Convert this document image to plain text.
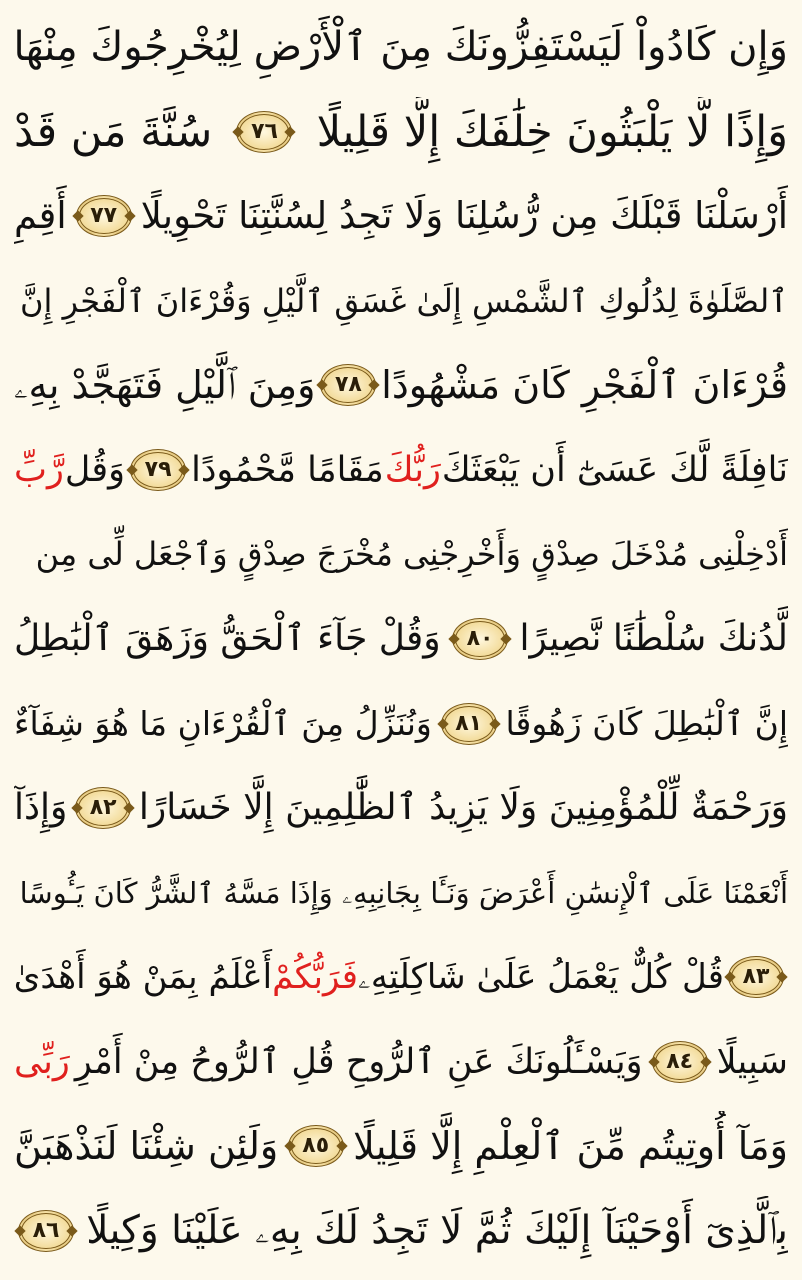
وَإِن كَادُواْ لَيَسْتَفِزُّونَكَ مِنَ ٱلْأَرْضِ لِيُخْرِجُوكَ مِنْهَا
وَإِذًا لَّا يَلْبَثُونَ خِلَٰفَكَ إِلَّا قَلِيلًا
٧٦
سُنَّةَ مَن قَدْ
أَرْسَلْنَا قَبْلَكَ مِن رُّسُلِنَا وَلَا تَجِدُ لِسُنَّتِنَا تَحْوِيلًا
٧٧
أَقِمِ
ٱلصَّلَوٰةَ لِدُلُوكِ ٱلشَّمْسِ إِلَىٰ غَسَقِ ٱلَّيْلِ وَقُرْءَانَ ٱلْفَجْرِ إِنَّ
قُرْءَانَ ٱلْفَجْرِ كَانَ مَشْهُودًا
٧٨
وَمِنَ ٱلَّيْلِ فَتَهَجَّدْ بِهِۦ
نَافِلَةً لَّكَ عَسَىٰٓ أَن يَبْعَثَكَ
رَبُّكَ
مَقَامًا مَّحْمُودًا
٧٩
وَقُل
رَّبِّ
أَدْخِلْنِى مُدْخَلَ صِدْقٍ وَأَخْرِجْنِى مُخْرَجَ صِدْقٍ وَٱجْعَل لِّى مِن
لَّدُنكَ سُلْطَٰنًا نَّصِيرًا
٨٠
وَقُلْ جَآءَ ٱلْحَقُّ وَزَهَقَ ٱلْبَٰطِلُ
إِنَّ ٱلْبَٰطِلَ كَانَ زَهُوقًا
٨١
وَنُنَزِّلُ مِنَ ٱلْقُرْءَانِ مَا هُوَ شِفَآءٌ
وَرَحْمَةٌ لِّلْمُؤْمِنِينَ وَلَا يَزِيدُ ٱلظَّٰلِمِينَ إِلَّا خَسَارًا
٨٢
وَإِذَآ
أَنْعَمْنَا عَلَى ٱلْإِنسَٰنِ أَعْرَضَ وَنَـَٔا بِجَانِبِهِۦ وَإِذَا مَسَّهُ ٱلشَّرُّ كَانَ يَـُٔوسًا
٨٣
قُلْ كُلٌّ يَعْمَلُ عَلَىٰ شَاكِلَتِهِۦ
فَرَبُّكُمْ
أَعْلَمُ بِمَنْ هُوَ أَهْدَىٰ
سَبِيلًا
٨٤
وَيَسْـَٔلُونَكَ عَنِ ٱلرُّوحِ قُلِ ٱلرُّوحُ مِنْ أَمْرِ
رَبِّى
وَمَآ أُوتِيتُم مِّنَ ٱلْعِلْمِ إِلَّا قَلِيلًا
٨٥
وَلَئِن شِئْنَا لَنَذْهَبَنَّ
بِٱلَّذِىٓ أَوْحَيْنَآ إِلَيْكَ ثُمَّ لَا تَجِدُ لَكَ بِهِۦ عَلَيْنَا وَكِيلًا
٨٦
